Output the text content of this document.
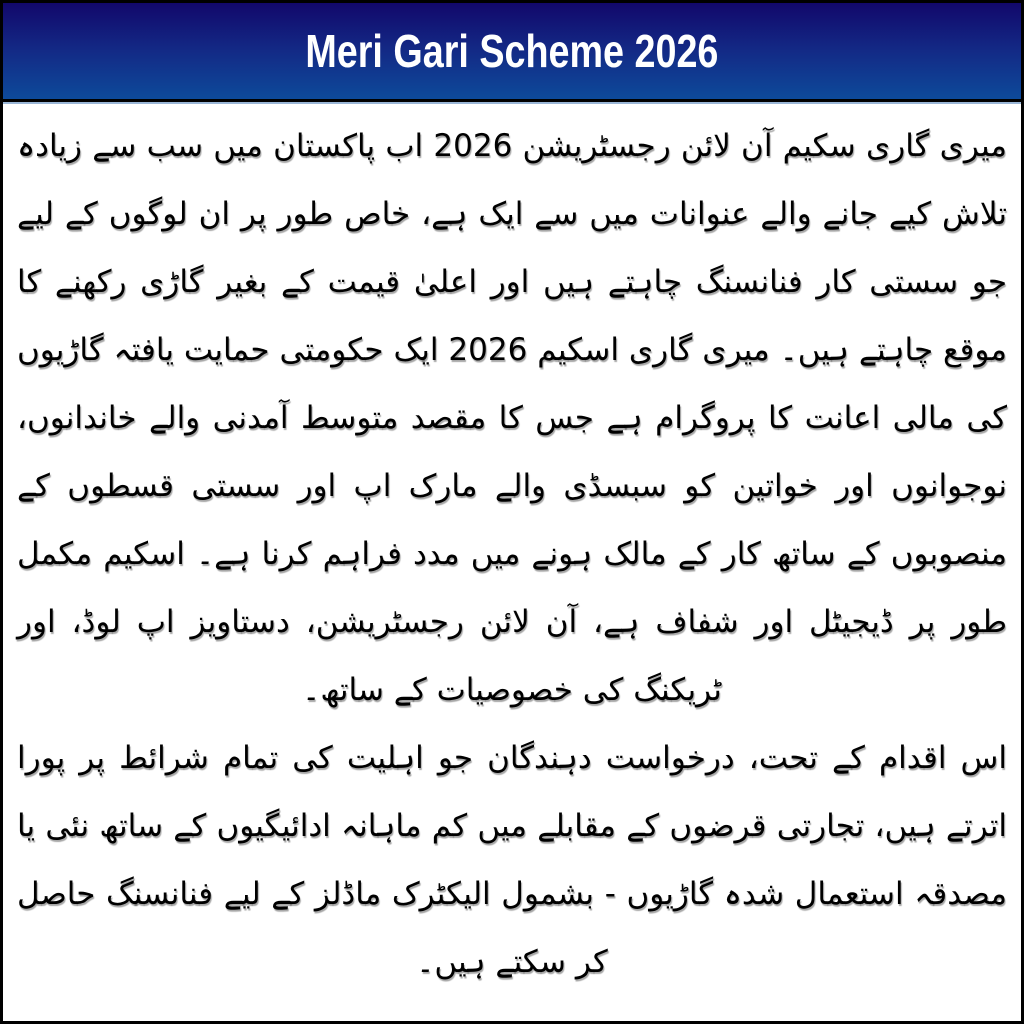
Meri Gari Scheme 2026

میری گاری سکیم آن لائن رجسٹریشن 2026 اب پاکستان میں سب سے زیادہ تلاش کیے جانے والے عنوانات میں سے ایک ہے، خاص طور پر ان لوگوں کے لیے جو سستی کار فنانسنگ چاہتے ہیں اور اعلیٰ قیمت کے بغیر گاڑی رکھنے کا موقع چاہتے ہیں۔ میری گاری اسکیم 2026 ایک حکومتی حمایت یافتہ گاڑیوں کی مالی اعانت کا پروگرام ہے جس کا مقصد متوسط آمدنی والے خاندانوں، نوجوانوں اور خواتین کو سبسڈی والے مارک اپ اور سستی قسطوں کے منصوبوں کے ساتھ کار کے مالک ہونے میں مدد فراہم کرنا ہے۔ اسکیم مکمل طور پر ڈیجیٹل اور شفاف ہے، آن لائن رجسٹریشن، دستاویز اپ لوڈ، اور ٹریکنگ کی خصوصیات کے ساتھ۔

اس اقدام کے تحت، درخواست دہندگان جو اہلیت کی تمام شرائط پر پورا اترتے ہیں، تجارتی قرضوں کے مقابلے میں کم ماہانہ ادائیگیوں کے ساتھ نئی یا مصدقہ استعمال شدہ گاڑیوں - بشمول الیکٹرک ماڈلز کے لیے فنانسنگ حاصل کر سکتے ہیں۔
